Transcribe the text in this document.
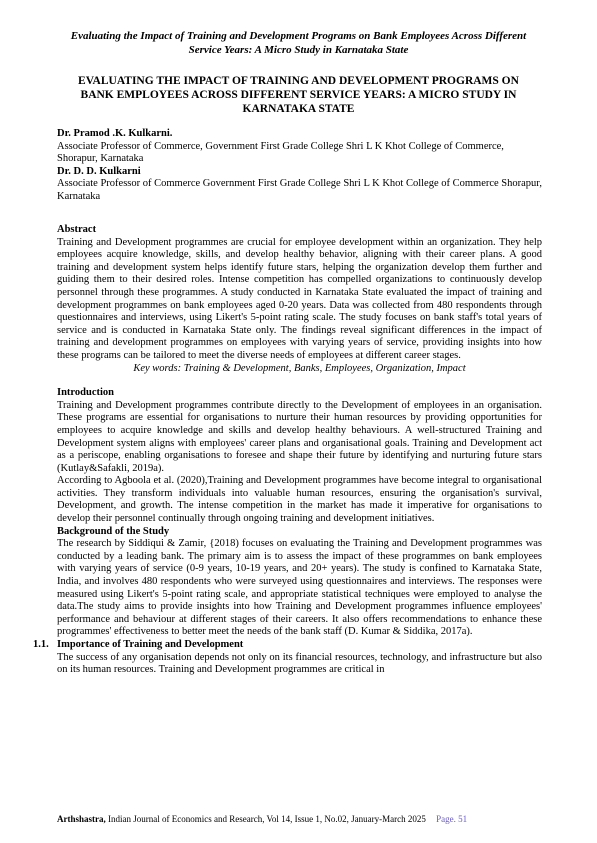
Evaluating the Impact of Training and Development Programs on Bank Employees Across Different Service Years: A Micro Study in Karnataka State
EVALUATING THE IMPACT OF TRAINING AND DEVELOPMENT PROGRAMS ON BANK EMPLOYEES ACROSS DIFFERENT SERVICE YEARS: A MICRO STUDY IN KARNATAKA STATE
Dr. Pramod .K. Kulkarni.
Associate Professor of Commerce, Government First Grade College Shri L K Khot College of Commerce, Shorapur, Karnataka
Dr. D. D. Kulkarni
Associate Professor of Commerce Government First Grade College Shri L K Khot College of Commerce Shorapur, Karnataka

Abstract

Training and Development programmes are crucial for employee development within an organization. They help employees acquire knowledge, skills, and develop healthy behavior, aligning with their career plans. A good training and development system helps identify future stars, helping the organization develop them further and guiding them to their desired roles. Intense competition has compelled organizations to continuously develop personnel through these programmes. A study conducted in Karnataka State evaluated the impact of training and development programmes on bank employees aged 0-20 years. Data was collected from 480 respondents through questionnaires and interviews, using Likert's 5-point rating scale. The study focuses on bank staff's total years of service and is conducted in Karnataka State only. The findings reveal significant differences in the impact of training and development programmes on employees with varying years of service, providing insights into how these programs can be tailored to meet the diverse needs of employees at different career stages.

Key words: Training & Development, Banks, Employees, Organization, Impact

Introduction

Training and Development programmes contribute directly to the Development of employees in an organisation. These programs are essential for organisations to nurture their human resources by providing opportunities for employees to acquire knowledge and skills and develop healthy behaviours. A well-structured Training and Development system aligns with employees' career plans and organisational goals. Training and Development act as a periscope, enabling organisations to foresee and shape their future by identifying and nurturing future stars (Kutlay&Safakli, 2019a).

According to Agboola et al. (2020),Training and Development programmes have become integral to organisational activities. They transform individuals into valuable human resources, ensuring the organisation's survival, Development, and growth. The intense competition in the market has made it imperative for organisations to develop their personnel continually through ongoing training and development initiatives.

Background of the Study

The research by Siddiqui & Zamir, {2018) focuses on evaluating the Training and Development programmes was conducted by a leading bank. The primary aim is to assess the impact of these programmes on bank employees with varying years of service (0-9 years, 10-19 years, and 20+ years). The study is confined to Karnataka State, India, and involves 480 respondents who were surveyed using questionnaires and interviews. The responses were measured using Likert's 5-point rating scale, and appropriate statistical techniques were employed to analyse the data.The study aims to provide insights into how Training and Development programmes influence employees' performance and behaviour at different stages of their careers. It also offers recommendations to enhance these programmes' effectiveness to better meet the needs of the bank staff (D. Kumar & Siddika, 2017a).

1.1. Importance of Training and Development

The success of any organisation depends not only on its financial resources, technology, and infrastructure but also on its human resources. Training and Development programmes are critical in

Arthshastra, Indian Journal of Economics and Research, Vol 14, Issue 1, No.02, January-March 2025 Page. 51
